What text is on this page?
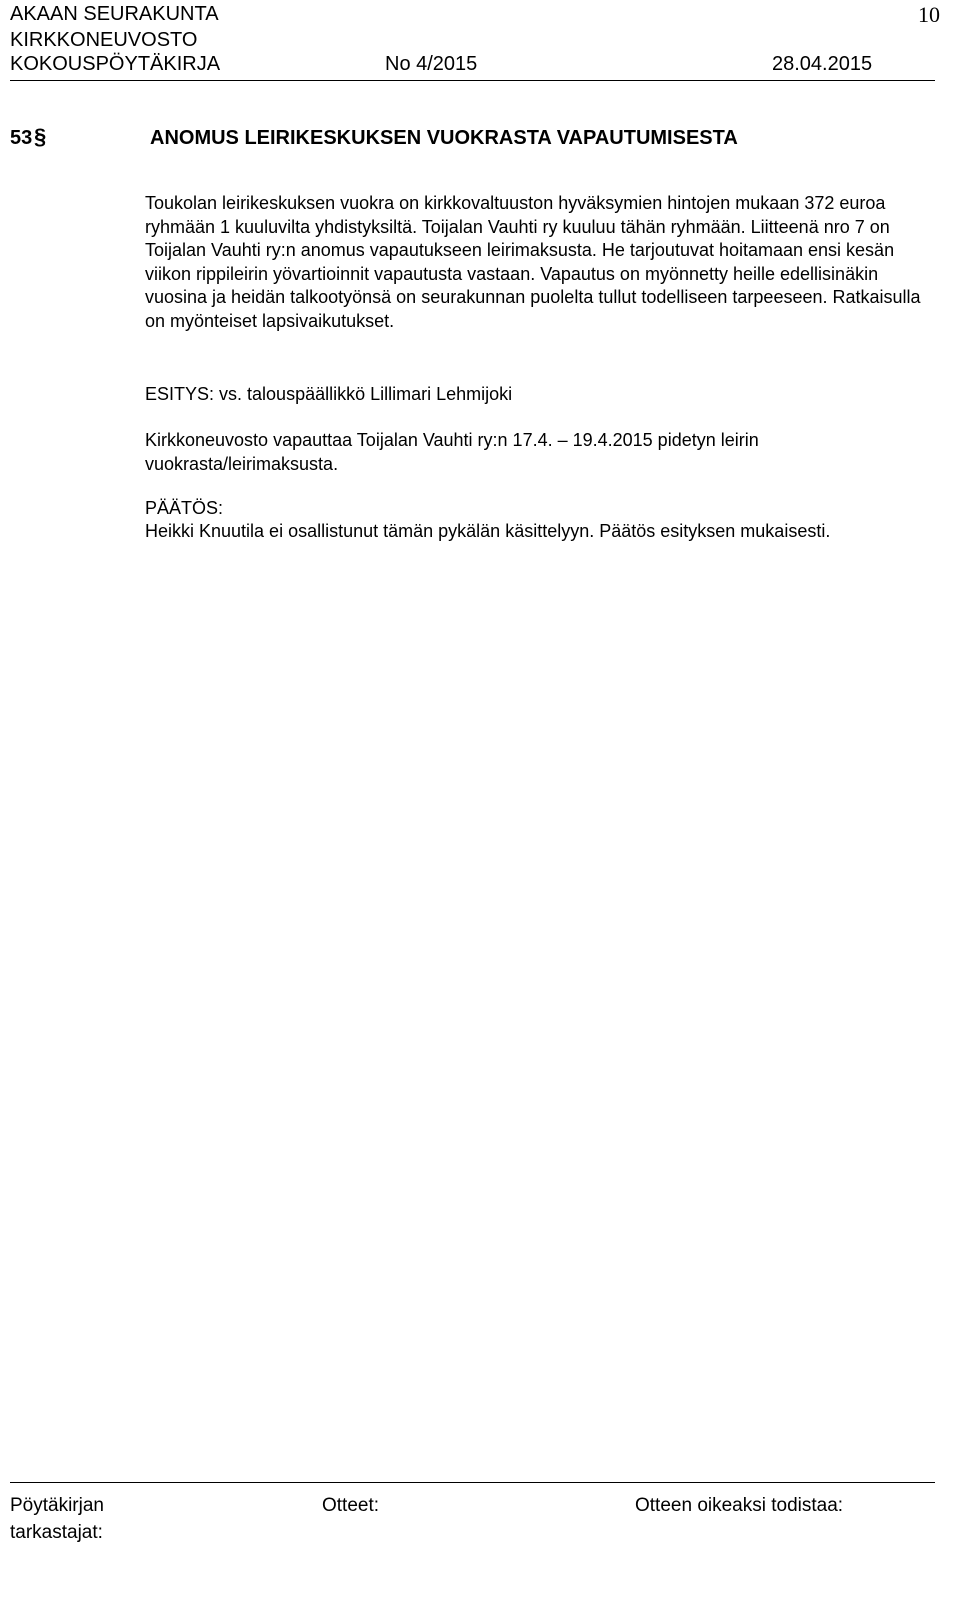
AKAAN SEURAKUNTA
KIRKKONEUVOSTO
KOKOUSPÖYTÄKIRJA	No 4/2015	28.04.2015
10
53 §	ANOMUS LEIRIKESKUKSEN VUOKRASTA VAPAUTUMISESTA
Toukolan leirikeskuksen vuokra on kirkkovaltuuston hyväksymien hintojen mukaan 372 euroa ryhmään 1 kuuluvilta yhdistyksiltä. Toijalan Vauhti ry kuuluu tähän ryhmään. Liitteenä nro 7 on Toijalan Vauhti ry:n anomus vapautukseen leirimaksusta. He tarjoutuvat hoitamaan ensi kesän viikon rippileirin yövartioinnit vapautusta vastaan. Vapautus on myönnetty heille edellisinäkin vuosina ja heidän talkootyönsä on seurakunnan puolelta tullut todelliseen tarpeeseen. Ratkaisulla on myönteiset lapsivaikutukset.
ESITYS: vs. talouspäällikkö Lillimari Lehmijoki
Kirkkoneuvosto vapauttaa Toijalan Vauhti ry:n 17.4. – 19.4.2015 pidetyn leirin vuokrasta/leirimaksusta.
PÄÄTÖS:
Heikki Knuutila ei osallistunut tämän pykälän käsittelyyn. Päätös esityksen mukaisesti.
Pöytäkirjan tarkastajat:
Otteet:	Otteen oikeaksi todistaa:
